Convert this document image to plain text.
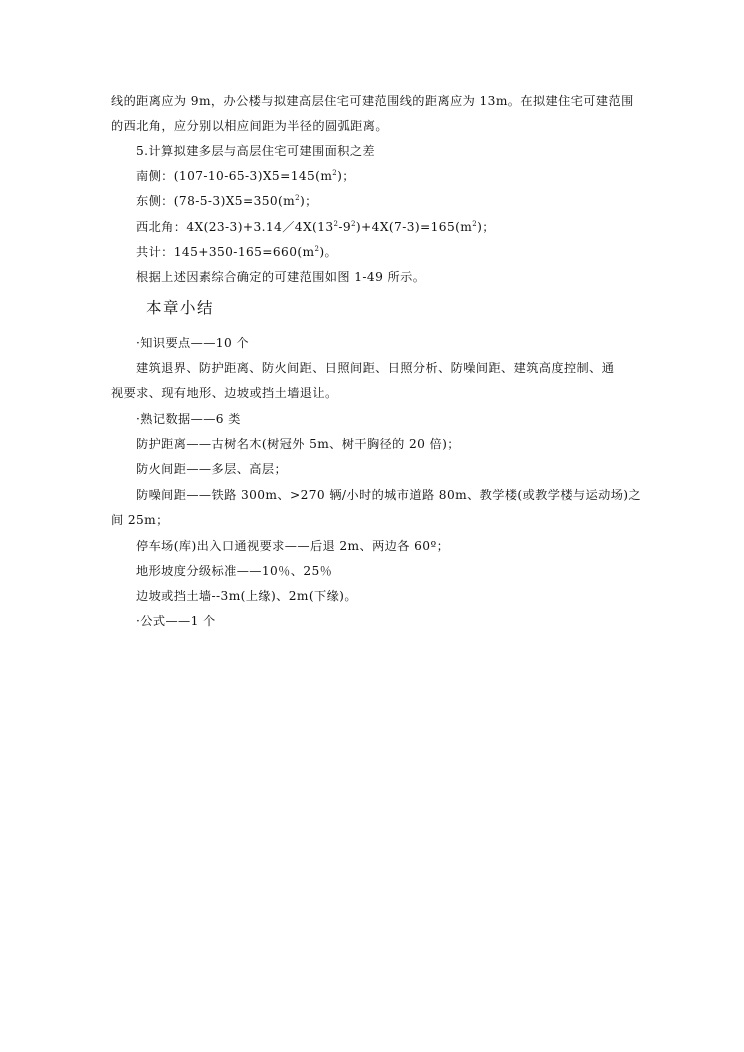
线的距离应为 9m，办公楼与拟建高层住宅可建范围线的距离应为 13m。在拟建住宅可建范围
的西北角，应分别以相应间距为半径的圆弧距离。
5.计算拟建多层与高层住宅可建围面积之差
南侧：$(107-10-65-3)X5=145(m^2)$；
东侧：$(78-5-3)X5=350(m^2)$；
西北角：$4X(23-3)+3.14/4X(13^2-9^2)+4X(7-3)=165(m^2)$；
共计：$145+350-165=660(m^2)$。
根据上述因素综合确定的可建范围如图 1-49 所示。
本章小结
·知识要点——10 个
建筑退界、防护距离、防火间距、日照间距、日照分析、防噪间距、建筑高度控制、通
视要求、现有地形、边坡或挡土墙退让。
·熟记数据——6 类
防护距离——古树名木(树冠外 5m、树干胸径的 20 倍)；
防火间距——多层、高层；
防噪间距——铁路 300m、>270 辆/小时的城市道路 80m、教学楼(或教学楼与运动场)之
间 25m；
停车场(库)出入口通视要求——后退 2m、两边各 60º；
地形坡度分级标准——10％、25％
边坡或挡土墙--3m(上缘)、2m(下缘)。
·公式——1 个
